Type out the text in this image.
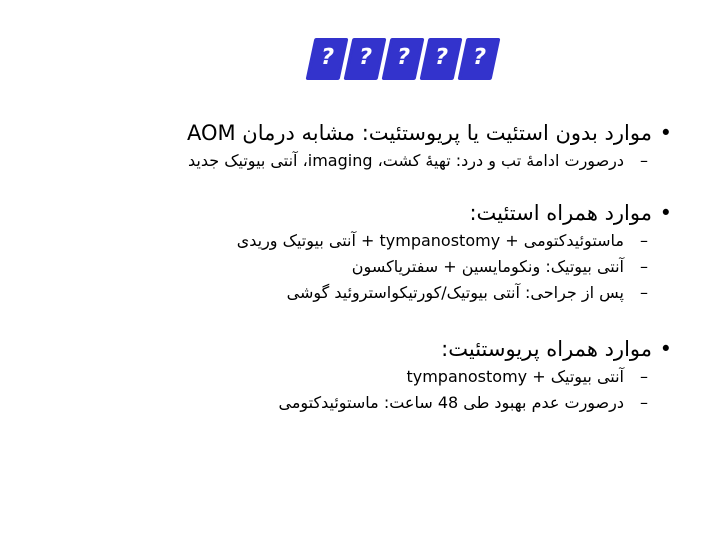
?
?
?
?
?
• موارد بدون استئیت یا پریوستئیت: مشابه درمان AOM
– درصورت ادامهٔ تب و درد: تهیهٔ کشت، imaging، آنتی بیوتیک جدید
• موارد همراه استئیت:
– ماستوئیدکتومی + tympanostomy + آنتی بیوتیک وریدی
– آنتی بیوتیک: ونکومایسین + سفتریاکسون
– پس از جراحی: آنتی بیوتیک/کورتیکواستروئید گوشی
• موارد همراه پریوستئیت:
– آنتی بیوتیک + tympanostomy
– درصورت عدم بهبود طی 48 ساعت: ماستوئیدکتومی
